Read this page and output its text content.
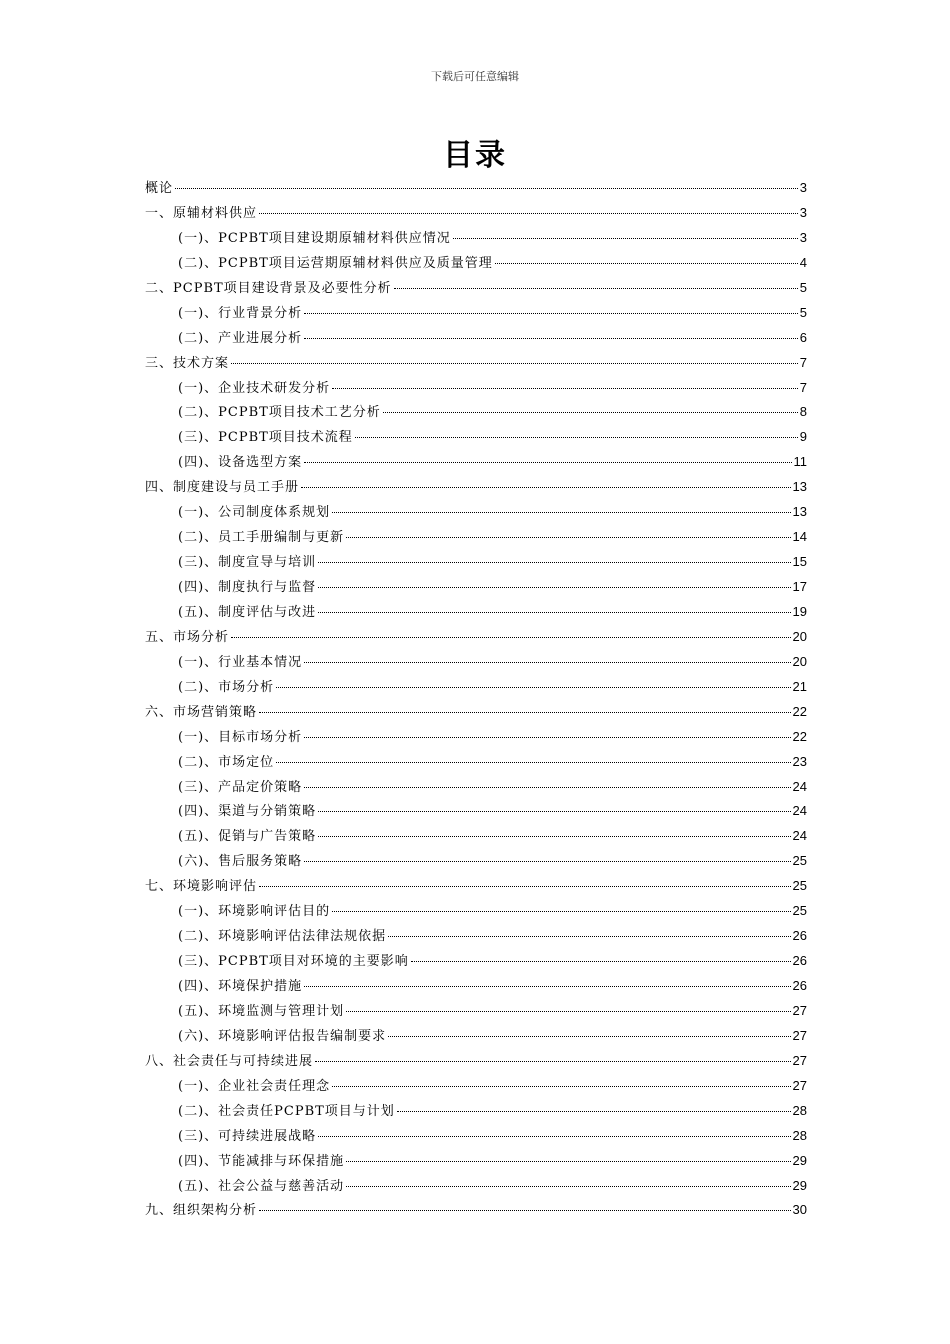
下载后可任意编辑
目录
概论	3
一、原辅材料供应	3
(一)、PCPBT项目建设期原辅材料供应情况	3
(二)、PCPBT项目运营期原辅材料供应及质量管理	4
二、PCPBT项目建设背景及必要性分析	5
(一)、行业背景分析	5
(二)、产业进展分析	6
三、技术方案	7
(一)、企业技术研发分析	7
(二)、PCPBT项目技术工艺分析	8
(三)、PCPBT项目技术流程	9
(四)、设备选型方案	11
四、制度建设与员工手册	13
(一)、公司制度体系规划	13
(二)、员工手册编制与更新	14
(三)、制度宣导与培训	15
(四)、制度执行与监督	17
(五)、制度评估与改进	19
五、市场分析	20
(一)、行业基本情况	20
(二)、市场分析	21
六、市场营销策略	22
(一)、目标市场分析	22
(二)、市场定位	23
(三)、产品定价策略	24
(四)、渠道与分销策略	24
(五)、促销与广告策略	24
(六)、售后服务策略	25
七、环境影响评估	25
(一)、环境影响评估目的	25
(二)、环境影响评估法律法规依据	26
(三)、PCPBT项目对环境的主要影响	26
(四)、环境保护措施	26
(五)、环境监测与管理计划	27
(六)、环境影响评估报告编制要求	27
八、社会责任与可持续进展	27
(一)、企业社会责任理念	27
(二)、社会责任PCPBT项目与计划	28
(三)、可持续进展战略	28
(四)、节能减排与环保措施	29
(五)、社会公益与慈善活动	29
九、组织架构分析	30
